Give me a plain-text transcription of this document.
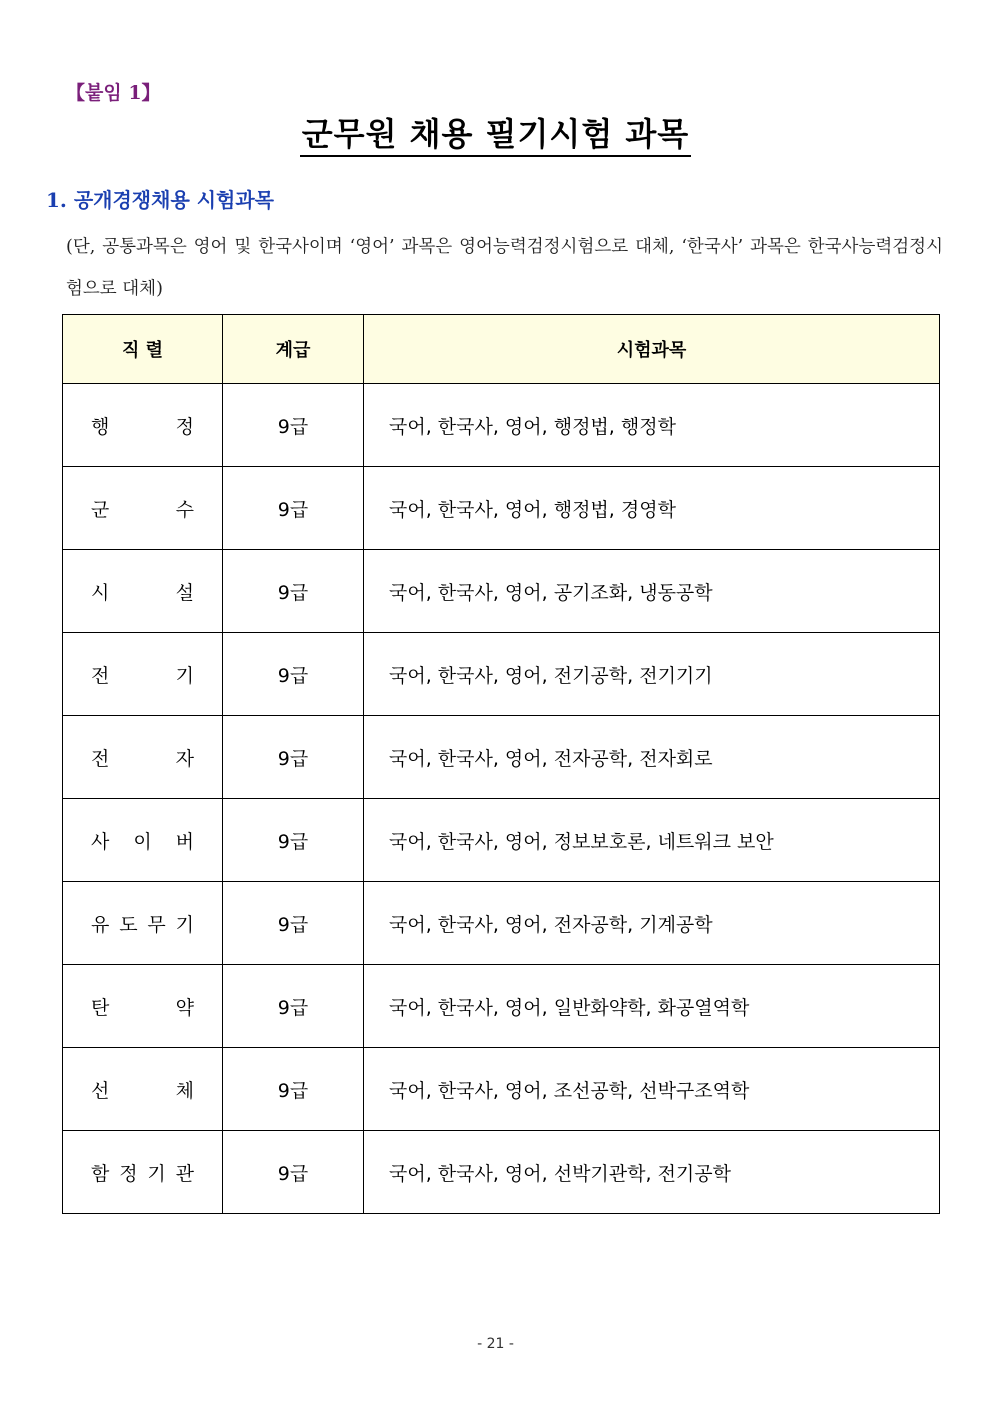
【붙임 1】
군무원 채용 필기시험 과목
1. 공개경쟁채용 시험과목
(단, 공통과목은 영어 및 한국사이며 ‘영어’ 과목은 영어능력검정시험으로 대체, ‘한국사’ 과목은 한국사능력검정시험으로 대체)
직 렬	계급	시험과목

행 정	9급	국어, 한국사, 영어, 행정법, 행정학

군 수	9급	국어, 한국사, 영어, 행정법, 경영학

시 설	9급	국어, 한국사, 영어, 공기조화, 냉동공학

전 기	9급	국어, 한국사, 영어, 전기공학, 전기기기

전 자	9급	국어, 한국사, 영어, 전자공학, 전자회로

사 이 버	9급	국어, 한국사, 영어, 정보보호론, 네트워크 보안

유 도 무 기	9급	국어, 한국사, 영어, 전자공학, 기계공학

탄 약	9급	국어, 한국사, 영어, 일반화약학, 화공열역학

선 체	9급	국어, 한국사, 영어, 조선공학, 선박구조역학

함 정 기 관	9급	국어, 한국사, 영어, 선박기관학, 전기공학
- 21 -
